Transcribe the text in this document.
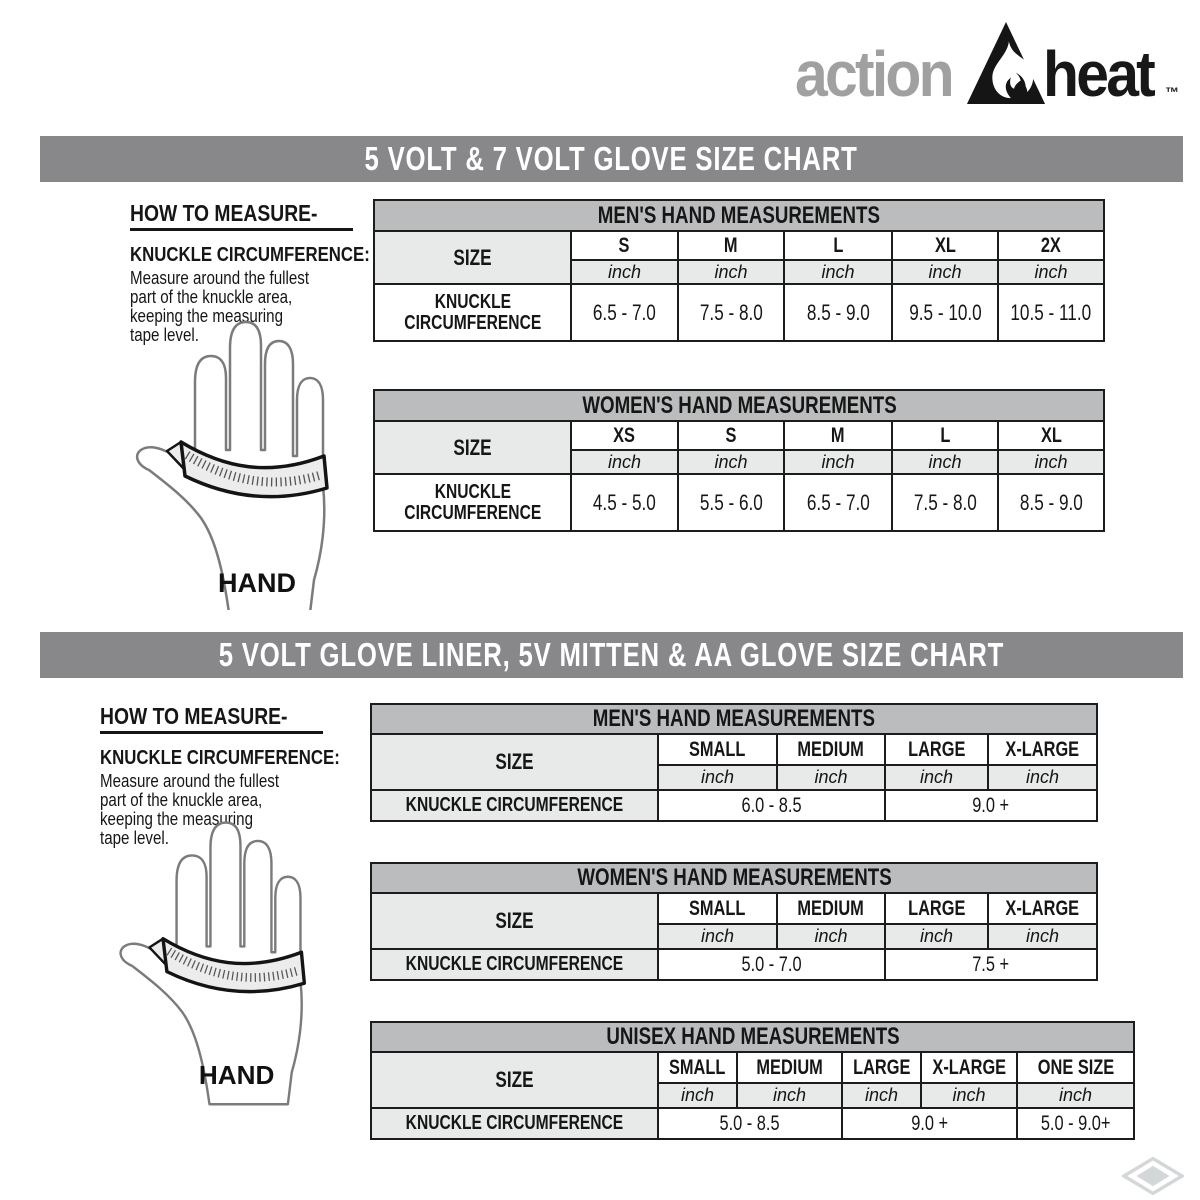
action heat ™
5 VOLT & 7 VOLT GLOVE SIZE CHART
HOW TO MEASURE-
KNUCKLE CIRCUMFERENCE:
Measure around the fullest
part of the knuckle area,
keeping the measuring
tape level.
HAND
MEN'S HAND MEASUREMENTS					
SIZE	S	M	L	XL	2X
	inch	inch	inch	inch	inch

KNUCKLE
CIRCUMFERENCE	6.5 - 7.0	7.5 - 8.0	8.5 - 9.0	9.5 - 10.0	10.5 - 11.0
WOMEN'S HAND MEASUREMENTS					
SIZE	XS	S	M	L	XL
	inch	inch	inch	inch	inch

KNUCKLE
CIRCUMFERENCE	4.5 - 5.0	5.5 - 6.0	6.5 - 7.0	7.5 - 8.0	8.5 - 9.0
5 VOLT GLOVE LINER, 5V MITTEN & AA GLOVE SIZE CHART
HOW TO MEASURE-
KNUCKLE CIRCUMFERENCE:
Measure around the fullest
part of the knuckle area,
keeping the measuring
tape level.
HAND
MEN'S HAND MEASUREMENTS				
SIZE	SMALL	MEDIUM	LARGE	X-LARGE
	inch	inch	inch	inch
KNUCKLE CIRCUMFERENCE	6.0 - 8.5		9.0 +	
WOMEN'S HAND MEASUREMENTS				
SIZE	SMALL	MEDIUM	LARGE	X-LARGE
	inch	inch	inch	inch
KNUCKLE CIRCUMFERENCE	5.0 - 7.0		7.5 +	
UNISEX HAND MEASUREMENTS					
SIZE	SMALL	MEDIUM	LARGE	X-LARGE	ONE SIZE
	inch	inch	inch	inch	inch
KNUCKLE CIRCUMFERENCE	5.0 - 8.5		9.0 +		5.0 - 9.0+
